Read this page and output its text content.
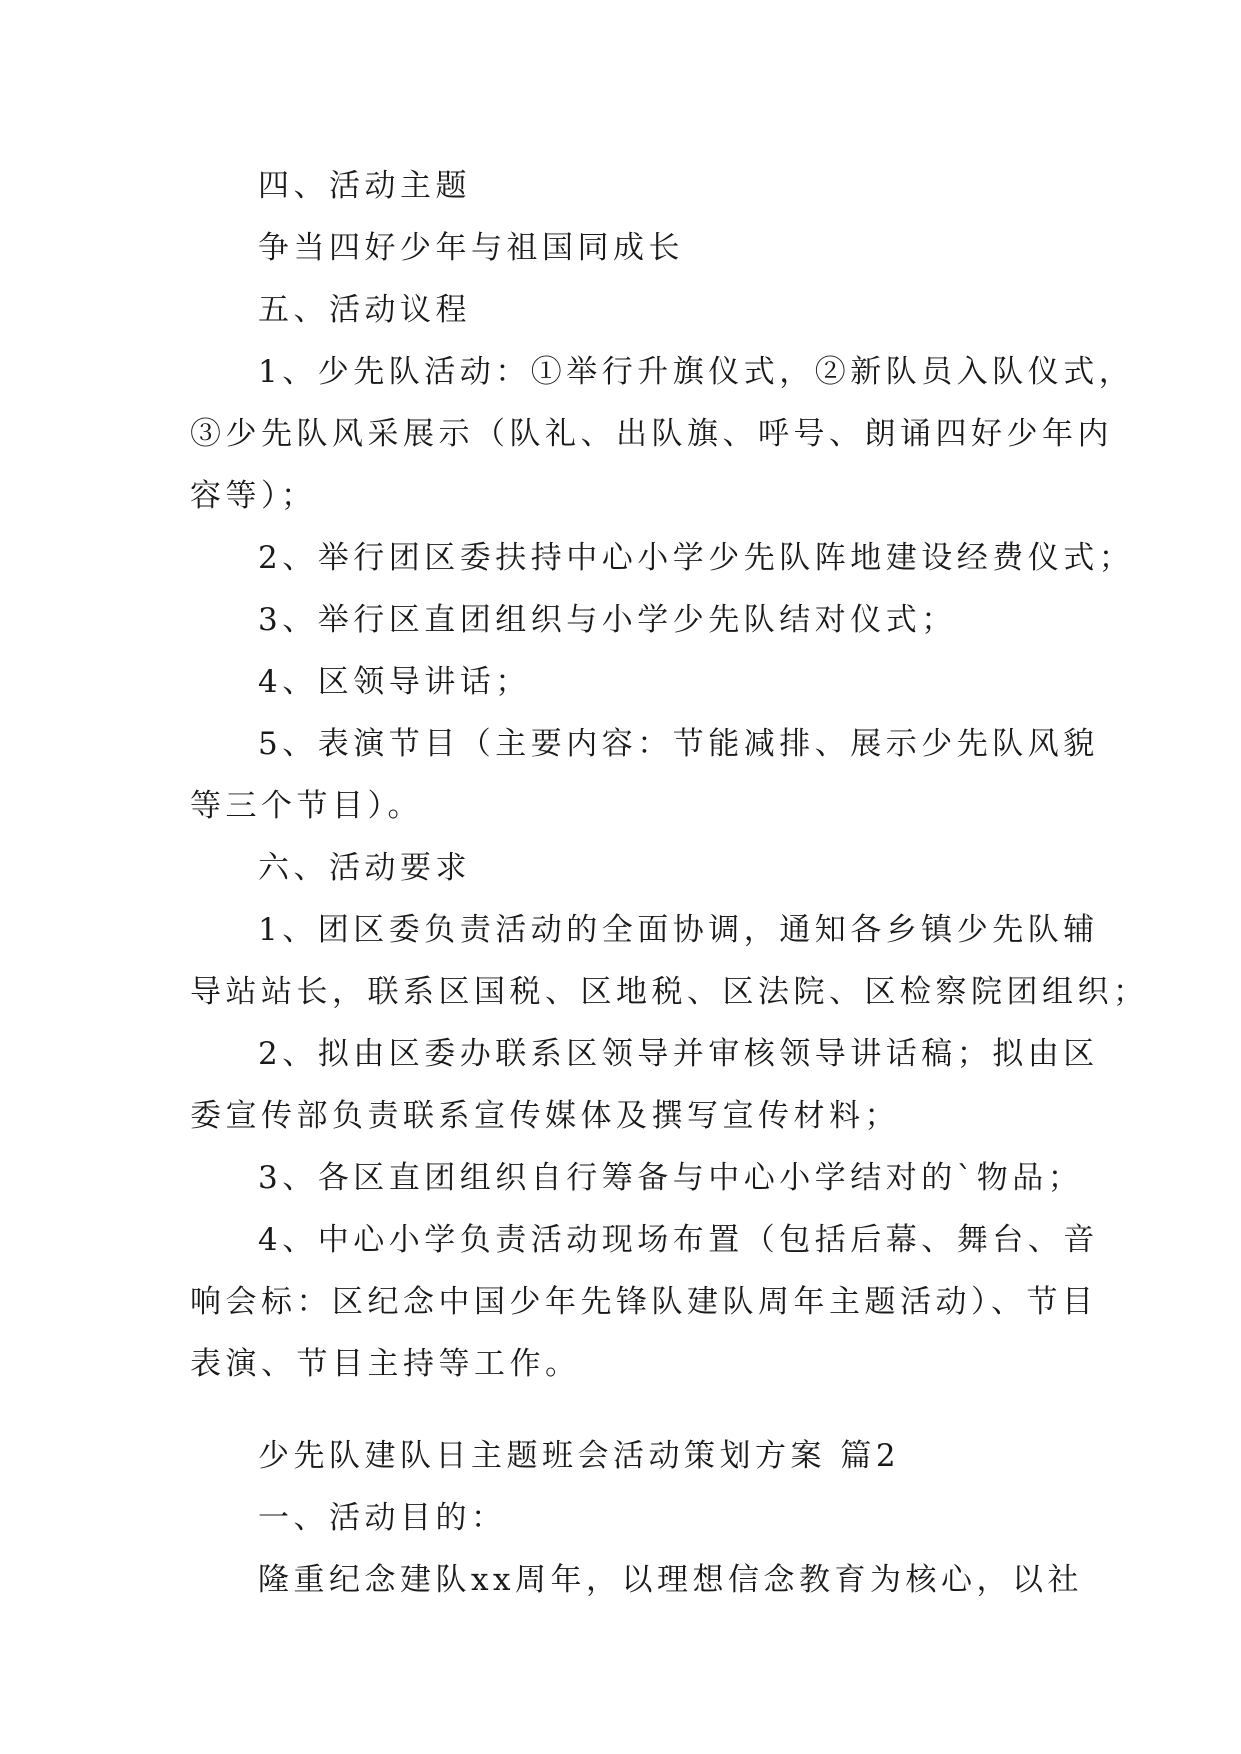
四、活动主题
争当四好少年与祖国同成长
五、活动议程
1、少先队活动：①举行升旗仪式，②新队员入队仪式，
③少先队风采展示（队礼、出队旗、呼号、朗诵四好少年内
容等）；
2、举行团区委扶持中心小学少先队阵地建设经费仪式；
3、举行区直团组织与小学少先队结对仪式；
4、区领导讲话；
5、表演节目（主要内容：节能减排、展示少先队风貌
等三个节目）。
六、活动要求
1、团区委负责活动的全面协调，通知各乡镇少先队辅
导站站长，联系区国税、区地税、区法院、区检察院团组织；
2、拟由区委办联系区领导并审核领导讲话稿；拟由区
委宣传部负责联系宣传媒体及撰写宣传材料；
3、各区直团组织自行筹备与中心小学结对的`物品；
4、中心小学负责活动现场布置（包括后幕、舞台、音
响会标：区纪念中国少年先锋队建队周年主题活动）、节目
表演、节目主持等工作。
少先队建队日主题班会活动策划方案 篇2
一、活动目的：
隆重纪念建队xx周年，以理想信念教育为核心，以社
